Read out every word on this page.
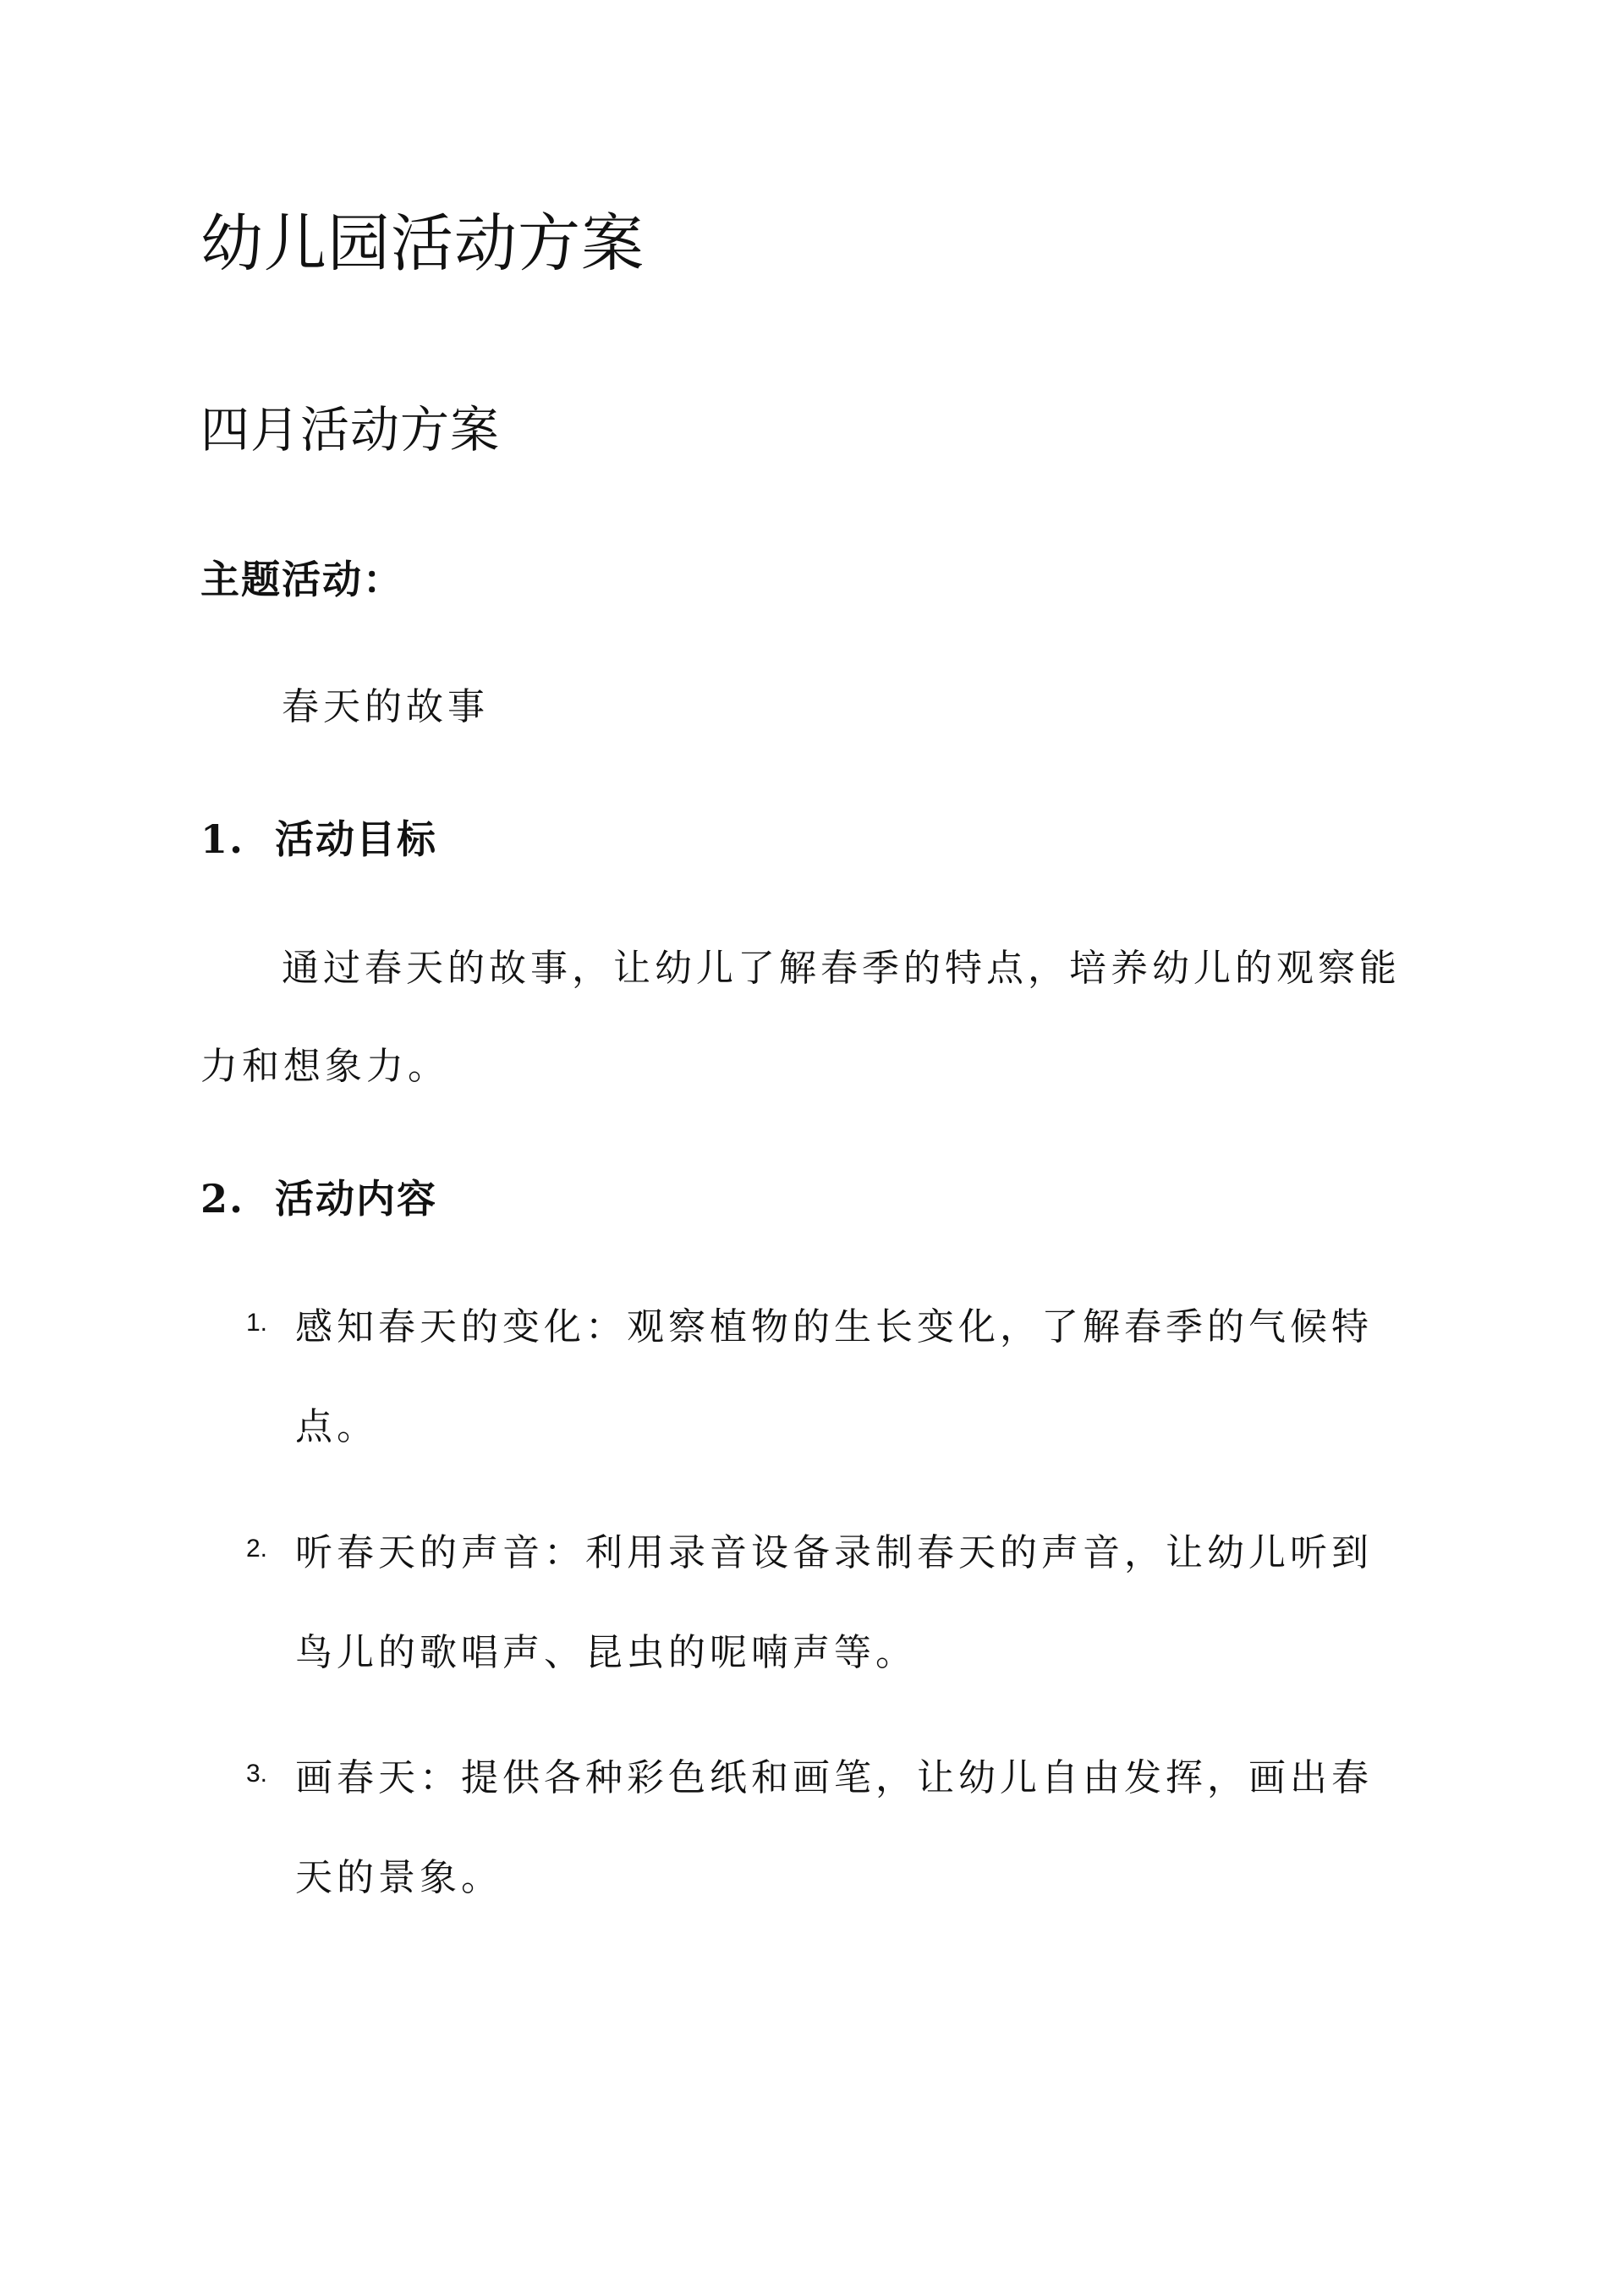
幼儿园活动方案
四月活动方案
主题活动：
春天的故事
1. 活动目标
通过春天的故事，让幼儿了解春季的特点，培养幼儿的观察能力和想象力。
2. 活动内容
1. 感知春天的变化：观察植物的生长变化，了解春季的气候特点。
2. 听春天的声音：利用录音设备录制春天的声音，让幼儿听到鸟儿的歌唱声、昆虫的呢喃声等。
3. 画春天：提供各种彩色纸和画笔，让幼儿自由发挥，画出春天的景象。
